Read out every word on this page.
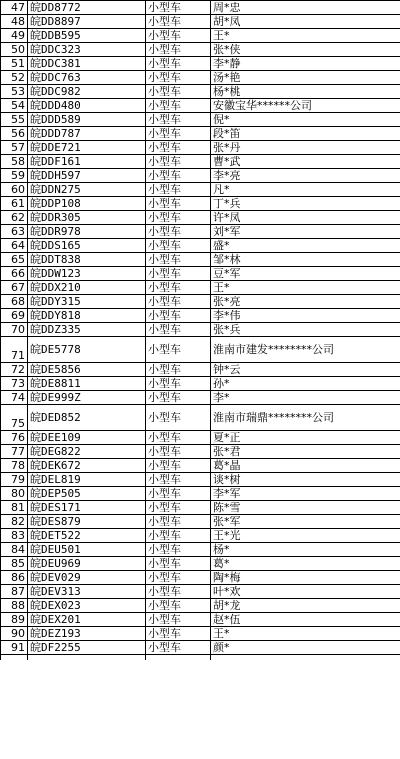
47	皖DD8772	小型车	周*忠
48	皖DD8897	小型车	胡*凤
49	皖DDB595	小型车	王*
50	皖DDC323	小型车	张*侠
51	皖DDC381	小型车	李*静
52	皖DDC763	小型车	汤*艳
53	皖DDC982	小型车	杨*桃
54	皖DDD480	小型车	安徽宝华******公司
55	皖DDD589	小型车	倪*
56	皖DDD787	小型车	段*笛
57	皖DDE721	小型车	张*丹
58	皖DDF161	小型车	曹*武
59	皖DDH597	小型车	李*亮
60	皖DDN275	小型车	凡*
61	皖DDP108	小型车	丁*兵
62	皖DDR305	小型车	许*凤
63	皖DDR978	小型车	刘*军
64	皖DDS165	小型车	盛*
65	皖DDT838	小型车	邹*林
66	皖DDW123	小型车	豆*军
67	皖DDX210	小型车	王*
68	皖DDY315	小型车	张*亮
69	皖DDY818	小型车	李*伟
70	皖DDZ335	小型车	张*兵
71	皖DE5778	小型车	淮南市建发********公司
72	皖DE5856	小型车	钟*云
73	皖DE8811	小型车	孙*
74	皖DE999Z	小型车	李*
75	皖DED852	小型车	淮南市瑞鼎********公司
76	皖DEE109	小型车	夏*正
77	皖DEG822	小型车	张*君
78	皖DEK672	小型车	葛*晶
79	皖DEL819	小型车	谈*树
80	皖DEP505	小型车	李*军
81	皖DES171	小型车	陈*雪
82	皖DES879	小型车	张*军
83	皖DET522	小型车	王*光
84	皖DEU501	小型车	杨*
85	皖DEU969	小型车	葛*
86	皖DEV029	小型车	陶*梅
87	皖DEV313	小型车	叶*欢
88	皖DEX023	小型车	胡*龙
89	皖DEX201	小型车	赵*伍
90	皖DEZ193	小型车	王*
91	皖DF2255	小型车	颜*
